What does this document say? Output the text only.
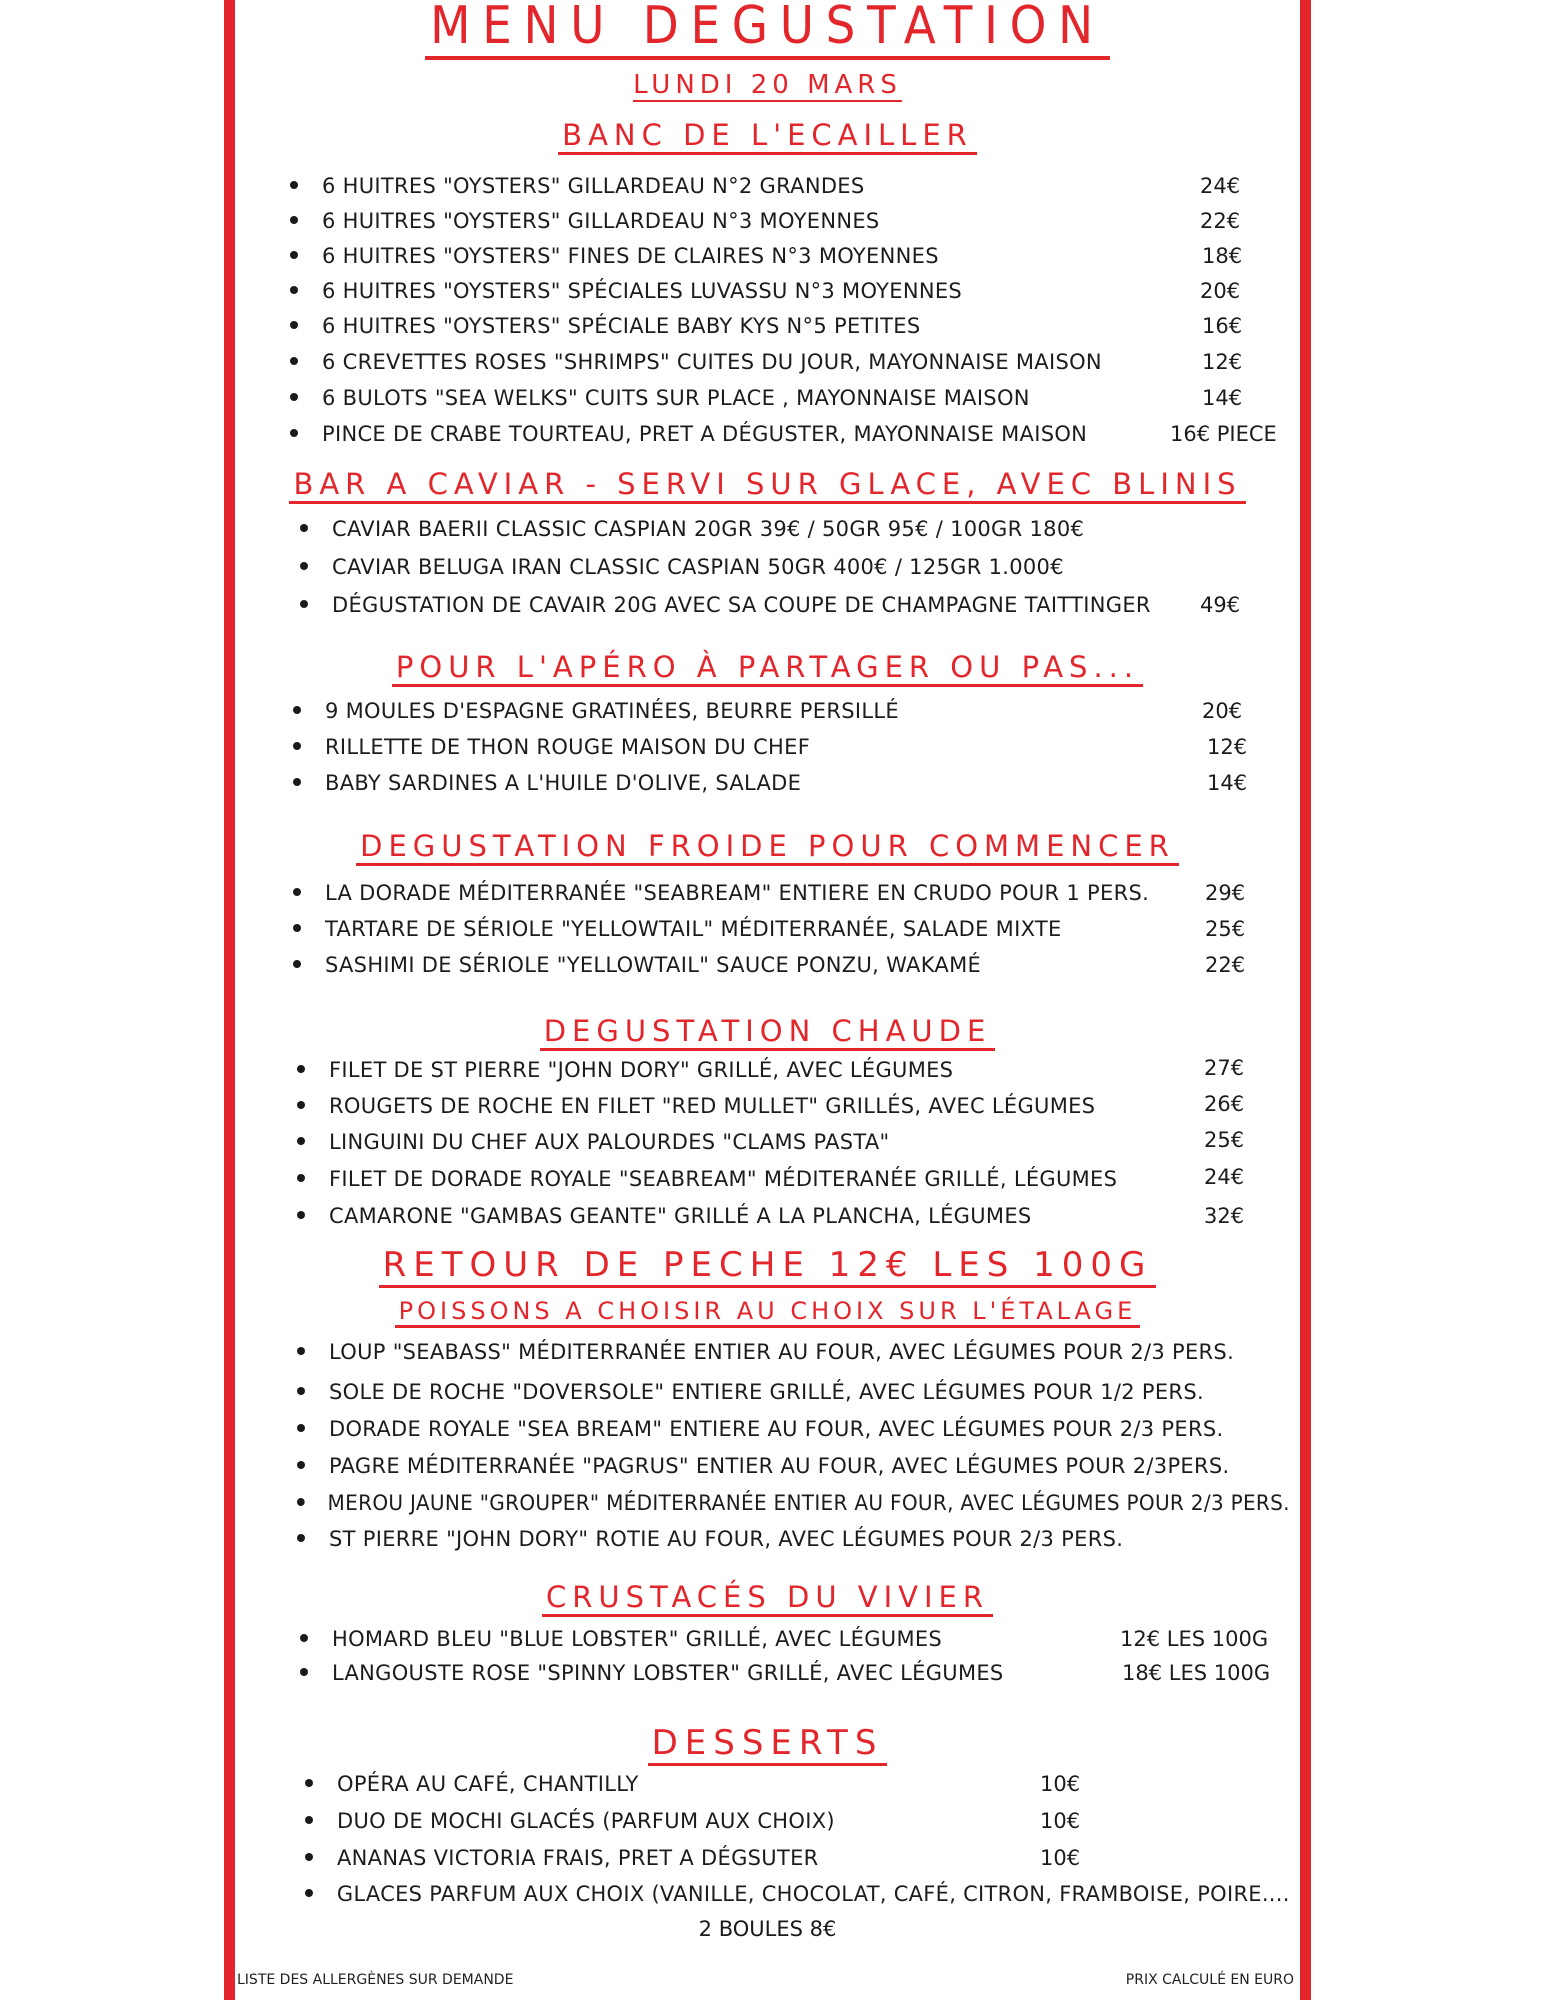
MENU DEGUSTATION
LUNDI 20 MARS
BANC DE L'ECAILLER
6 HUITRES "OYSTERS" GILLARDEAU N°2 GRANDES	24€
6 HUITRES "OYSTERS" GILLARDEAU N°3 MOYENNES	22€
6 HUITRES "OYSTERS" FINES DE CLAIRES N°3 MOYENNES	18€
6 HUITRES "OYSTERS" SPÉCIALES LUVASSU N°3 MOYENNES	20€
6 HUITRES "OYSTERS" SPÉCIALE BABY KYS N°5 PETITES	16€
6 CREVETTES ROSES "SHRIMPS" CUITES DU JOUR, MAYONNAISE MAISON	12€
6 BULOTS "SEA WELKS" CUITS SUR PLACE , MAYONNAISE MAISON	14€
PINCE DE CRABE TOURTEAU, PRET A DÉGUSTER, MAYONNAISE MAISON	16€ PIECE
BAR A CAVIAR - SERVI SUR GLACE, AVEC BLINIS
CAVIAR BAERII CLASSIC CASPIAN 20GR 39€ / 50GR 95€ / 100GR 180€
CAVIAR BELUGA IRAN CLASSIC CASPIAN 50GR 400€ / 125GR 1.000€
DÉGUSTATION DE CAVAIR 20G AVEC SA COUPE DE CHAMPAGNE TAITTINGER 49€
POUR L'APÉRO À PARTAGER OU PAS...
9 MOULES D'ESPAGNE GRATINÉES, BEURRE PERSILLÉ	20€
RILLETTE DE THON ROUGE MAISON DU CHEF	12€
BABY SARDINES A L'HUILE D'OLIVE, SALADE	14€
DEGUSTATION FROIDE POUR COMMENCER
LA DORADE MÉDITERRANÉE "SEABREAM" ENTIERE EN CRUDO POUR 1 PERS.	29€
TARTARE DE SÉRIOLE "YELLOWTAIL" MÉDITERRANÉE, SALADE MIXTE	25€
SASHIMI DE SÉRIOLE "YELLOWTAIL" SAUCE PONZU, WAKAMÉ	22€
DEGUSTATION CHAUDE
FILET DE ST PIERRE "JOHN DORY" GRILLÉ, AVEC LÉGUMES	27€
ROUGETS DE ROCHE EN FILET "RED MULLET" GRILLÉS, AVEC LÉGUMES	26€
LINGUINI DU CHEF AUX PALOURDES "CLAMS PASTA"	25€
FILET DE DORADE ROYALE "SEABREAM" MÉDITERANÉE GRILLÉ, LÉGUMES	24€
CAMARONE "GAMBAS GEANTE" GRILLÉ A LA PLANCHA, LÉGUMES	32€
RETOUR DE PECHE 12€ LES 100G
POISSONS A CHOISIR AU CHOIX SUR L'ÉTALAGE
LOUP "SEABASS" MÉDITERRANÉE ENTIER AU FOUR, AVEC LÉGUMES POUR 2/3 PERS.
SOLE DE ROCHE "DOVERSOLE" ENTIERE GRILLÉ, AVEC LÉGUMES POUR 1/2 PERS.
DORADE ROYALE "SEA BREAM" ENTIERE AU FOUR, AVEC LÉGUMES POUR 2/3 PERS.
PAGRE MÉDITERRANÉE "PAGRUS" ENTIER AU FOUR, AVEC LÉGUMES POUR 2/3PERS.
MEROU JAUNE "GROUPER" MÉDITERRANÉE ENTIER AU FOUR, AVEC LÉGUMES POUR 2/3 PERS.
ST PIERRE "JOHN DORY" ROTIE AU FOUR, AVEC LÉGUMES POUR 2/3 PERS.
CRUSTACÉS DU VIVIER
HOMARD BLEU "BLUE LOBSTER" GRILLÉ, AVEC LÉGUMES	12€ LES 100G
LANGOUSTE ROSE "SPINNY LOBSTER" GRILLÉ, AVEC LÉGUMES	18€ LES 100G
DESSERTS
OPÉRA AU CAFÉ, CHANTILLY	10€
DUO DE MOCHI GLACÉS (PARFUM AUX CHOIX)	10€
ANANAS VICTORIA FRAIS, PRET A DÉGSUTER	10€
GLACES PARFUM AUX CHOIX (VANILLE, CHOCOLAT, CAFÉ, CITRON, FRAMBOISE, POIRE....
2 BOULES 8€
LISTE DES ALLERGÈNES SUR DEMANDE	PRIX CALCULÉ EN EURO
